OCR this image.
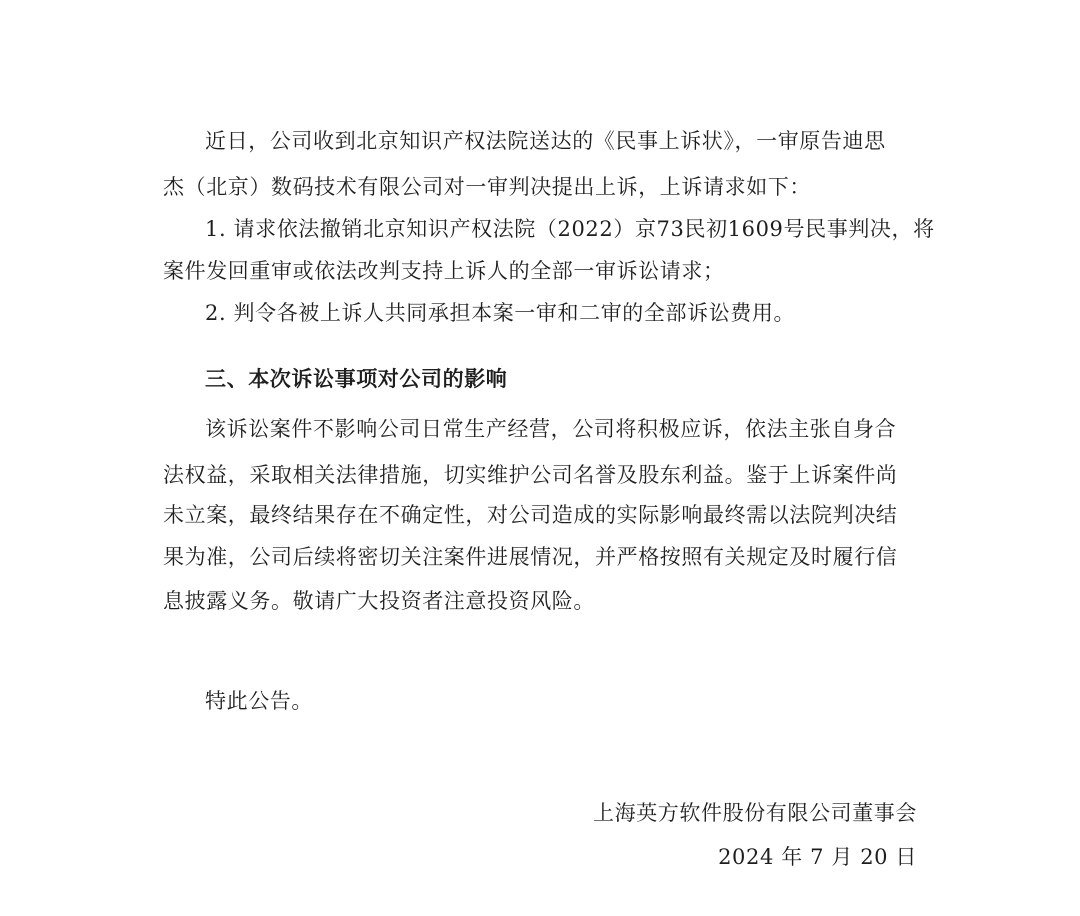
近日，公司收到北京知识产权法院送达的《民事上诉状》，一审原告迪思
杰（北京）数码技术有限公司对一审判决提出上诉，上诉请求如下：
1. 请求依法撤销北京知识产权法院（2022）京73民初1609号民事判决，将
案件发回重审或依法改判支持上诉人的全部一审诉讼请求；
2. 判令各被上诉人共同承担本案一审和二审的全部诉讼费用。
三、本次诉讼事项对公司的影响
该诉讼案件不影响公司日常生产经营，公司将积极应诉，依法主张自身合
法权益，采取相关法律措施，切实维护公司名誉及股东利益。鉴于上诉案件尚
未立案，最终结果存在不确定性，对公司造成的实际影响最终需以法院判决结
果为准，公司后续将密切关注案件进展情况，并严格按照有关规定及时履行信
息披露义务。敬请广大投资者注意投资风险。
特此公告。
上海英方软件股份有限公司董事会
2024 年 7 月 20 日
